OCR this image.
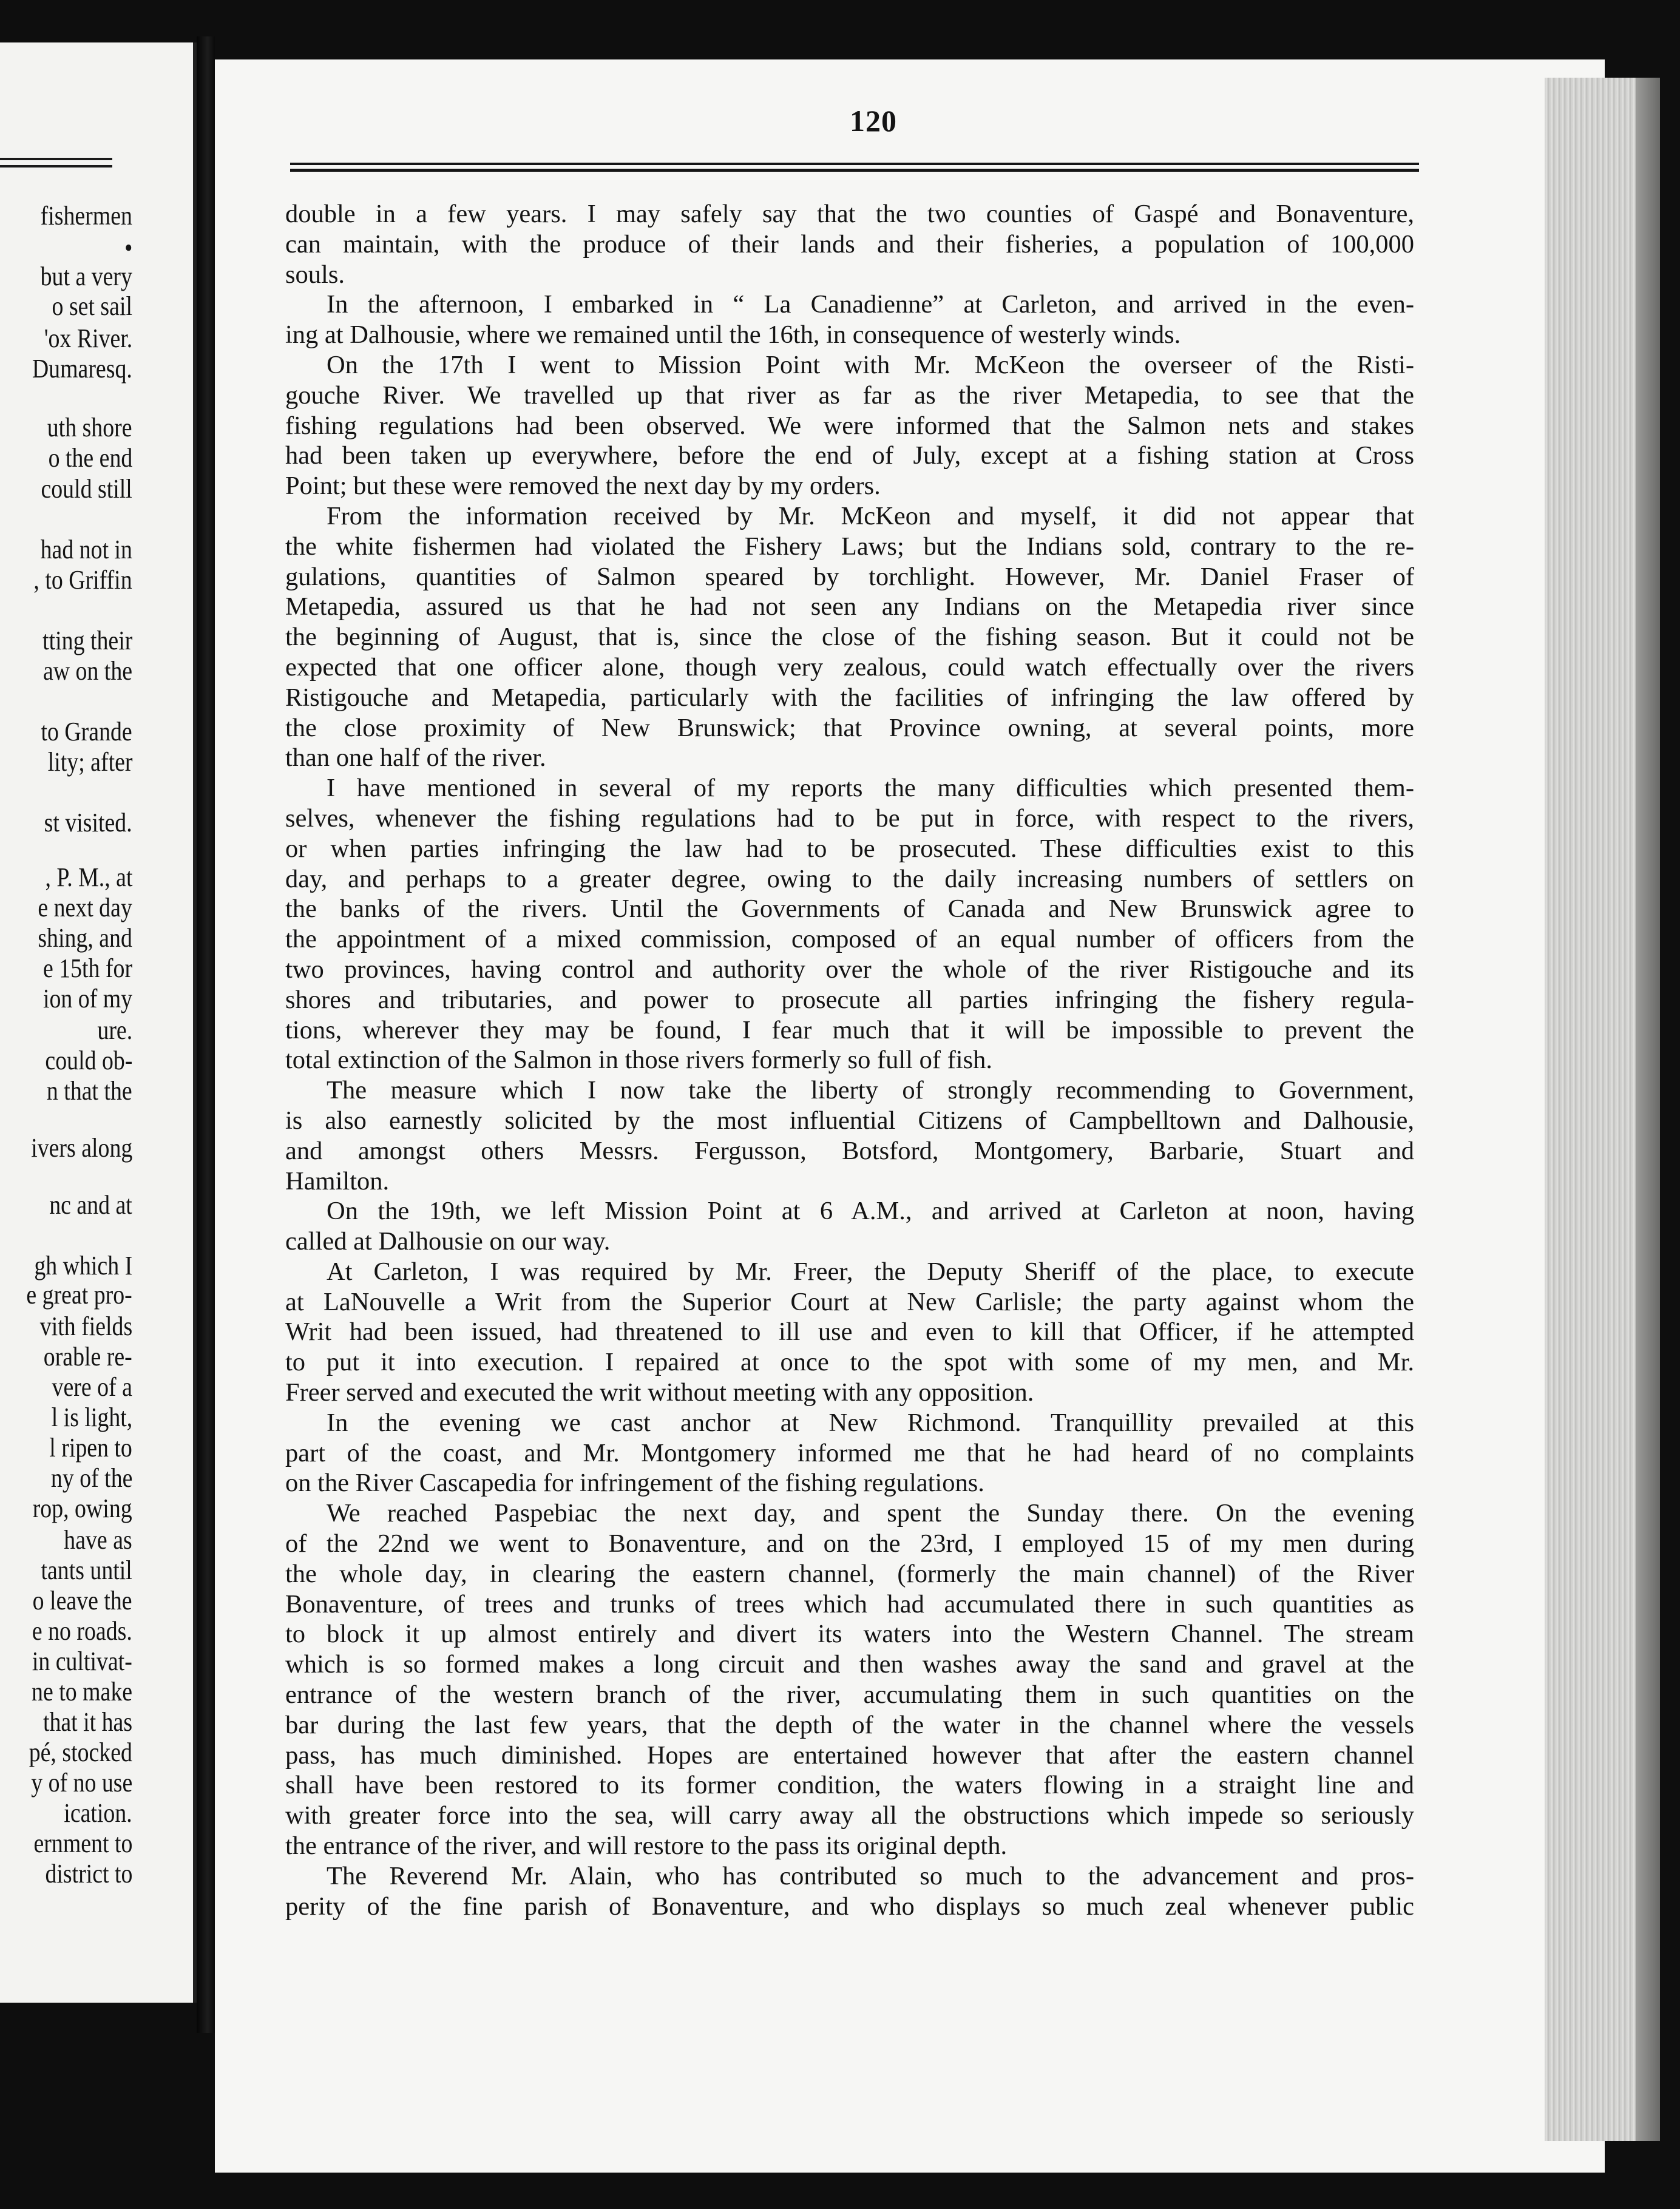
fishermen
•
but a very
o set sail
'ox River.
Dumaresq.
uth shore
o the end
could still
had not in
, to Griffin
tting their
aw on the
to Grande
lity; after
st visited.
, P. M., at
e next day
shing, and
e 15th for
ion of my
ure.
could ob-
n that the
ivers along
nc and at
gh which I
e great pro-
vith fields
orable re-
vere of a
l is light,
l ripen to
ny of the
rop, owing
have as
tants until
o leave the
e no roads.
in cultivat-
ne to make
that it has
pé, stocked
y of no use
ication.
ernment to
district to
120
double in a few years. I may safely say that the two counties of Gaspé and Bonaventure,
can maintain, with the produce of their lands and their fisheries, a population of 100,000
souls.
In the afternoon, I embarked in “ La Canadienne” at Carleton, and arrived in the even-
ing at Dalhousie, where we remained until the 16th, in consequence of westerly winds.
On the 17th I went to Mission Point with Mr. McKeon the overseer of the Risti-
gouche River. We travelled up that river as far as the river Metapedia, to see that the
fishing regulations had been observed. We were informed that the Salmon nets and stakes
had been taken up everywhere, before the end of July, except at a fishing station at Cross
Point; but these were removed the next day by my orders.
From the information received by Mr. McKeon and myself, it did not appear that
the white fishermen had violated the Fishery Laws; but the Indians sold, contrary to the re-
gulations, quantities of Salmon speared by torchlight. However, Mr. Daniel Fraser of
Metapedia, assured us that he had not seen any Indians on the Metapedia river since
the beginning of August, that is, since the close of the fishing season. But it could not be
expected that one officer alone, though very zealous, could watch effectually over the rivers
Ristigouche and Metapedia, particularly with the facilities of infringing the law offered by
the close proximity of New Brunswick; that Province owning, at several points, more
than one half of the river.
I have mentioned in several of my reports the many difficulties which presented them-
selves, whenever the fishing regulations had to be put in force, with respect to the rivers,
or when parties infringing the law had to be prosecuted. These difficulties exist to this
day, and perhaps to a greater degree, owing to the daily increasing numbers of settlers on
the banks of the rivers. Until the Governments of Canada and New Brunswick agree to
the appointment of a mixed commission, composed of an equal number of officers from the
two provinces, having control and authority over the whole of the river Ristigouche and its
shores and tributaries, and power to prosecute all parties infringing the fishery regula-
tions, wherever they may be found, I fear much that it will be impossible to prevent the
total extinction of the Salmon in those rivers formerly so full of fish.
The measure which I now take the liberty of strongly recommending to Government,
is also earnestly solicited by the most influential Citizens of Campbelltown and Dalhousie,
and amongst others Messrs. Fergusson, Botsford, Montgomery, Barbarie, Stuart and
Hamilton.
On the 19th, we left Mission Point at 6 A.M., and arrived at Carleton at noon, having
called at Dalhousie on our way.
At Carleton, I was required by Mr. Freer, the Deputy Sheriff of the place, to execute
at LaNouvelle a Writ from the Superior Court at New Carlisle; the party against whom the
Writ had been issued, had threatened to ill use and even to kill that Officer, if he attempted
to put it into execution. I repaired at once to the spot with some of my men, and Mr.
Freer served and executed the writ without meeting with any opposition.
In the evening we cast anchor at New Richmond. Tranquillity prevailed at this
part of the coast, and Mr. Montgomery informed me that he had heard of no complaints
on the River Cascapedia for infringement of the fishing regulations.
We reached Paspebiac the next day, and spent the Sunday there. On the evening
of the 22nd we went to Bonaventure, and on the 23rd, I employed 15 of my men during
the whole day, in clearing the eastern channel, (formerly the main channel) of the River
Bonaventure, of trees and trunks of trees which had accumulated there in such quantities as
to block it up almost entirely and divert its waters into the Western Channel. The stream
which is so formed makes a long circuit and then washes away the sand and gravel at the
entrance of the western branch of the river, accumulating them in such quantities on the
bar during the last few years, that the depth of the water in the channel where the vessels
pass, has much diminished. Hopes are entertained however that after the eastern channel
shall have been restored to its former condition, the waters flowing in a straight line and
with greater force into the sea, will carry away all the obstructions which impede so seriously
the entrance of the river, and will restore to the pass its original depth.
The Reverend Mr. Alain, who has contributed so much to the advancement and pros-
perity of the fine parish of Bonaventure, and who displays so much zeal whenever public
